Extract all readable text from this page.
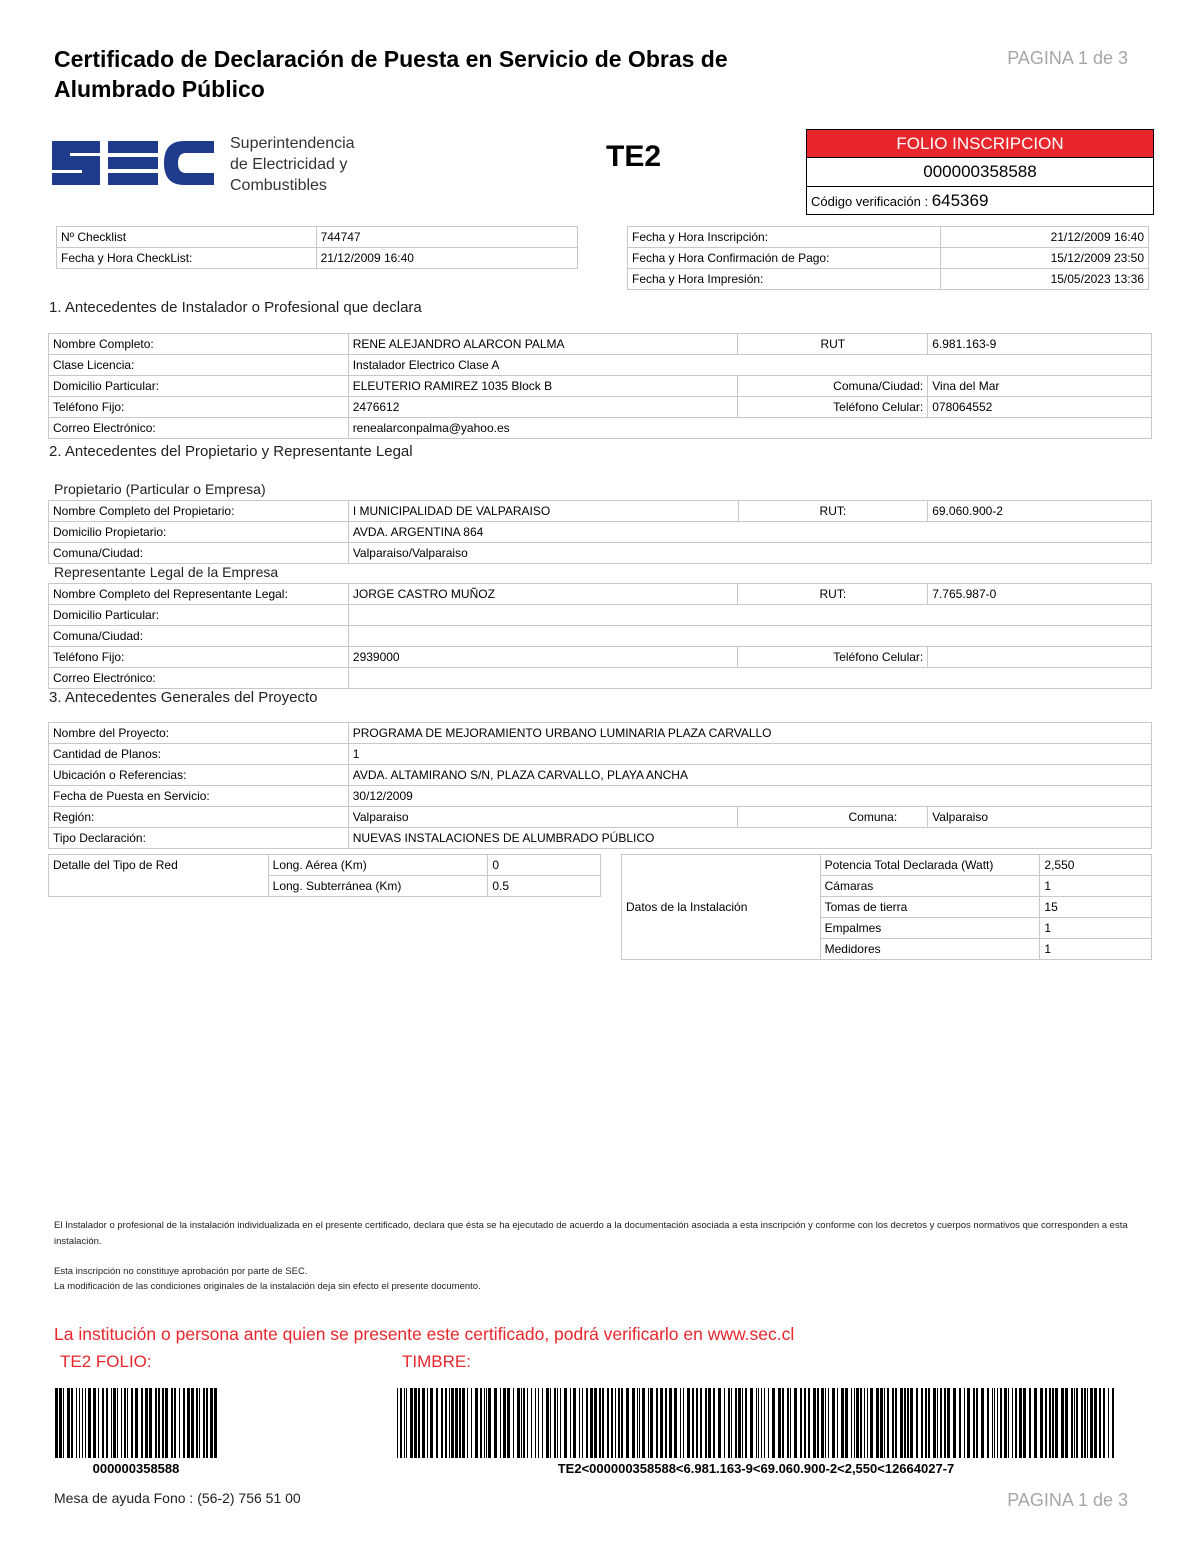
Certificado de Declaración de Puesta en Servicio de Obras de Alumbrado Público
PAGINA 1 de 3
Superintendencia
de Electricidad y
Combustibles
TE2	FOLIO INSCRIPCION
000000358588
Código verificación : 645369
Nº Checklist	744747
Fecha y Hora CheckList:	21/12/2009 16:40
Fecha y Hora Inscripción:	21/12/2009 16:40
Fecha y Hora Confirmación de Pago:	15/12/2009 23:50
Fecha y Hora Impresión:	15/05/2023 13:36
1. Antecedentes de Instalador o Profesional que declara
Nombre Completo:	RENE ALEJANDRO ALARCON PALMA	RUT	6.981.163-9
Clase Licencia:	Instalador Electrico Clase A		
Domicilio Particular:	ELEUTERIO RAMIREZ 1035 Block B	Comuna/Ciudad:	Vina del Mar
Teléfono Fijo:	2476612	Teléfono Celular:	078064552
Correo Electrónico:	renealarconpalma@yahoo.es		
2. Antecedentes del Propietario y Representante Legal
Propietario (Particular o Empresa)
Nombre Completo del Propietario:	I MUNICIPALIDAD DE VALPARAISO	RUT:	69.060.900-2
Domicilio Propietario:	AVDA. ARGENTINA 864		
Comuna/Ciudad:	Valparaiso/Valparaiso		
Representante Legal de la Empresa
Nombre Completo del Representante Legal:	JORGE CASTRO MUÑOZ	RUT:	7.765.987-0
Domicilio Particular:			
Comuna/Ciudad:			
Teléfono Fijo:	2939000	Teléfono Celular:	
Correo Electrónico:			
3. Antecedentes Generales del Proyecto
Nombre del Proyecto:	PROGRAMA DE MEJORAMIENTO URBANO LUMINARIA PLAZA CARVALLO		
Cantidad de Planos:	1		
Ubicación o Referencias:	AVDA. ALTAMIRANO S/N, PLAZA CARVALLO, PLAYA ANCHA		
Fecha de Puesta en Servicio:	30/12/2009		
Región:	Valparaiso	Comuna:	Valparaiso
Tipo Declaración:	NUEVAS INSTALACIONES DE ALUMBRADO PÚBLICO		
Detalle del Tipo de Red	Long. Aérea (Km)	0
	Long. Subterránea (Km)	0.5
Datos de la Instalación	Potencia Total Declarada (Watt)	2,550
	Cámaras	1
	Tomas de tierra	15
	Empalmes	1
	Medidores	1
El Instalador o profesional de la instalación individualizada en el presente certificado, declara que ésta se ha ejecutado de acuerdo a la documentación asociada a esta inscripción y conforme con los decretos y cuerpos normativos que corresponden a esta instalación.
Esta inscripción no constituye aprobación por parte de SEC.
La modificación de las condiciones originales de la instalación deja sin efecto el presente documento.
La institución o persona ante quien se presente este certificado, podrá verificarlo en www.sec.cl
TE2 FOLIO:	TIMBRE:
000000358588	TE2<000000358588<6.981.163-9<69.060.900-2<2,550<12664027-7
Mesa de ayuda Fono : (56-2) 756 51 00	PAGINA 1 de 3
